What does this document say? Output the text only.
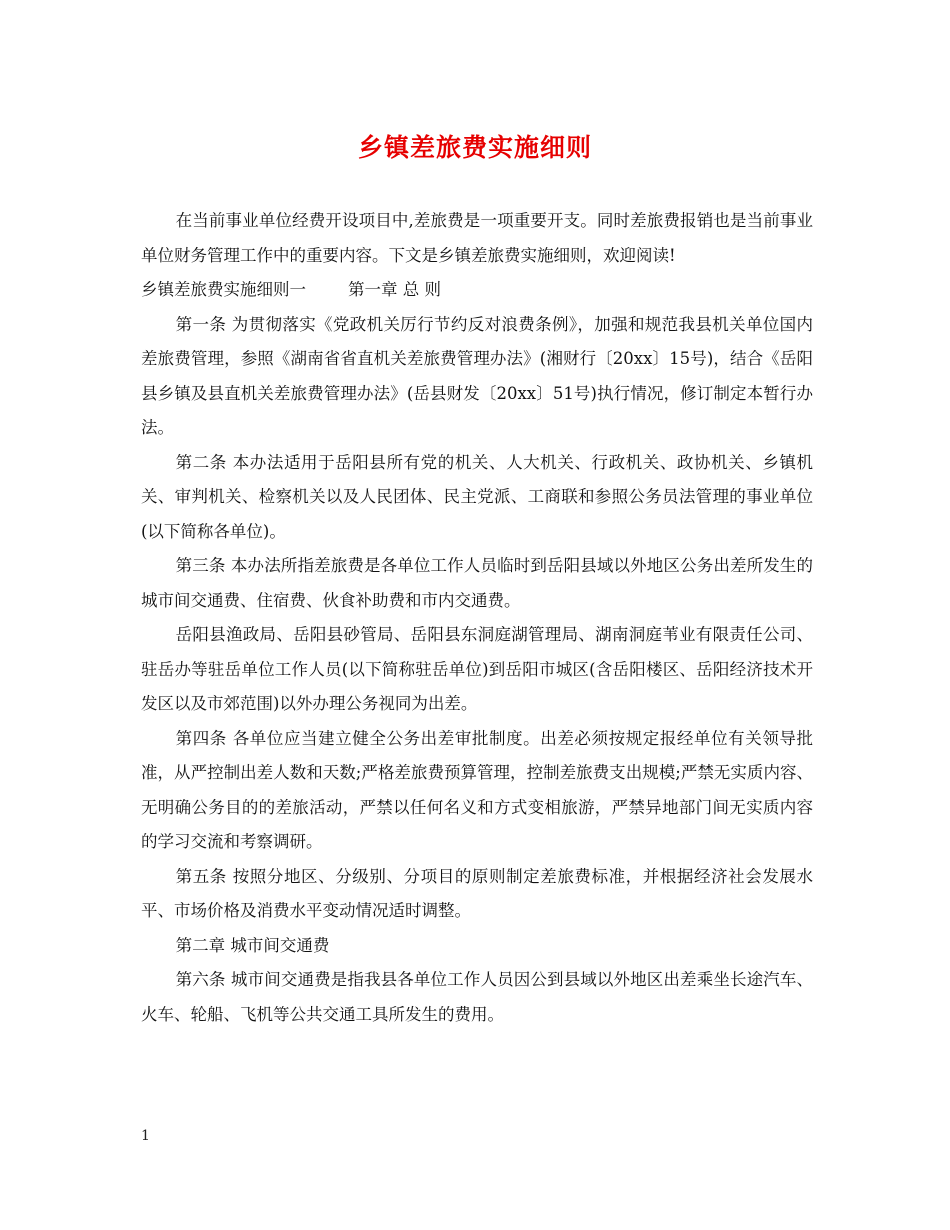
乡镇差旅费实施细则

在当前事业单位经费开设项目中,差旅费是一项重要开支。同时差旅费报销也是当前事业单位财务管理工作中的重要内容。下文是乡镇差旅费实施细则，欢迎阅读!

乡镇差旅费实施细则一	第一章 总 则

第一条 为贯彻落实《党政机关厉行节约反对浪费条例》，加强和规范我县机关单位国内差旅费管理，参照《湖南省省直机关差旅费管理办法》(湘财行〔20xx〕15号)，结合《岳阳县乡镇及县直机关差旅费管理办法》(岳县财发〔20xx〕51号)执行情况，修订制定本暂行办法。

第二条 本办法适用于岳阳县所有党的机关、人大机关、行政机关、政协机关、乡镇机关、审判机关、检察机关以及人民团体、民主党派、工商联和参照公务员法管理的事业单位(以下简称各单位)。

第三条 本办法所指差旅费是各单位工作人员临时到岳阳县域以外地区公务出差所发生的城市间交通费、住宿费、伙食补助费和市内交通费。

岳阳县渔政局、岳阳县砂管局、岳阳县东洞庭湖管理局、湖南洞庭苇业有限责任公司、驻岳办等驻岳单位工作人员(以下简称驻岳单位)到岳阳市城区(含岳阳楼区、岳阳经济技术开发区以及市郊范围)以外办理公务视同为出差。

第四条 各单位应当建立健全公务出差审批制度。出差必须按规定报经单位有关领导批准，从严控制出差人数和天数;严格差旅费预算管理，控制差旅费支出规模;严禁无实质内容、无明确公务目的的差旅活动，严禁以任何名义和方式变相旅游，严禁异地部门间无实质内容的学习交流和考察调研。

第五条 按照分地区、分级别、分项目的原则制定差旅费标准，并根据经济社会发展水平、市场价格及消费水平变动情况适时调整。

第二章 城市间交通费

第六条 城市间交通费是指我县各单位工作人员因公到县域以外地区出差乘坐长途汽车、火车、轮船、飞机等公共交通工具所发生的费用。

1
